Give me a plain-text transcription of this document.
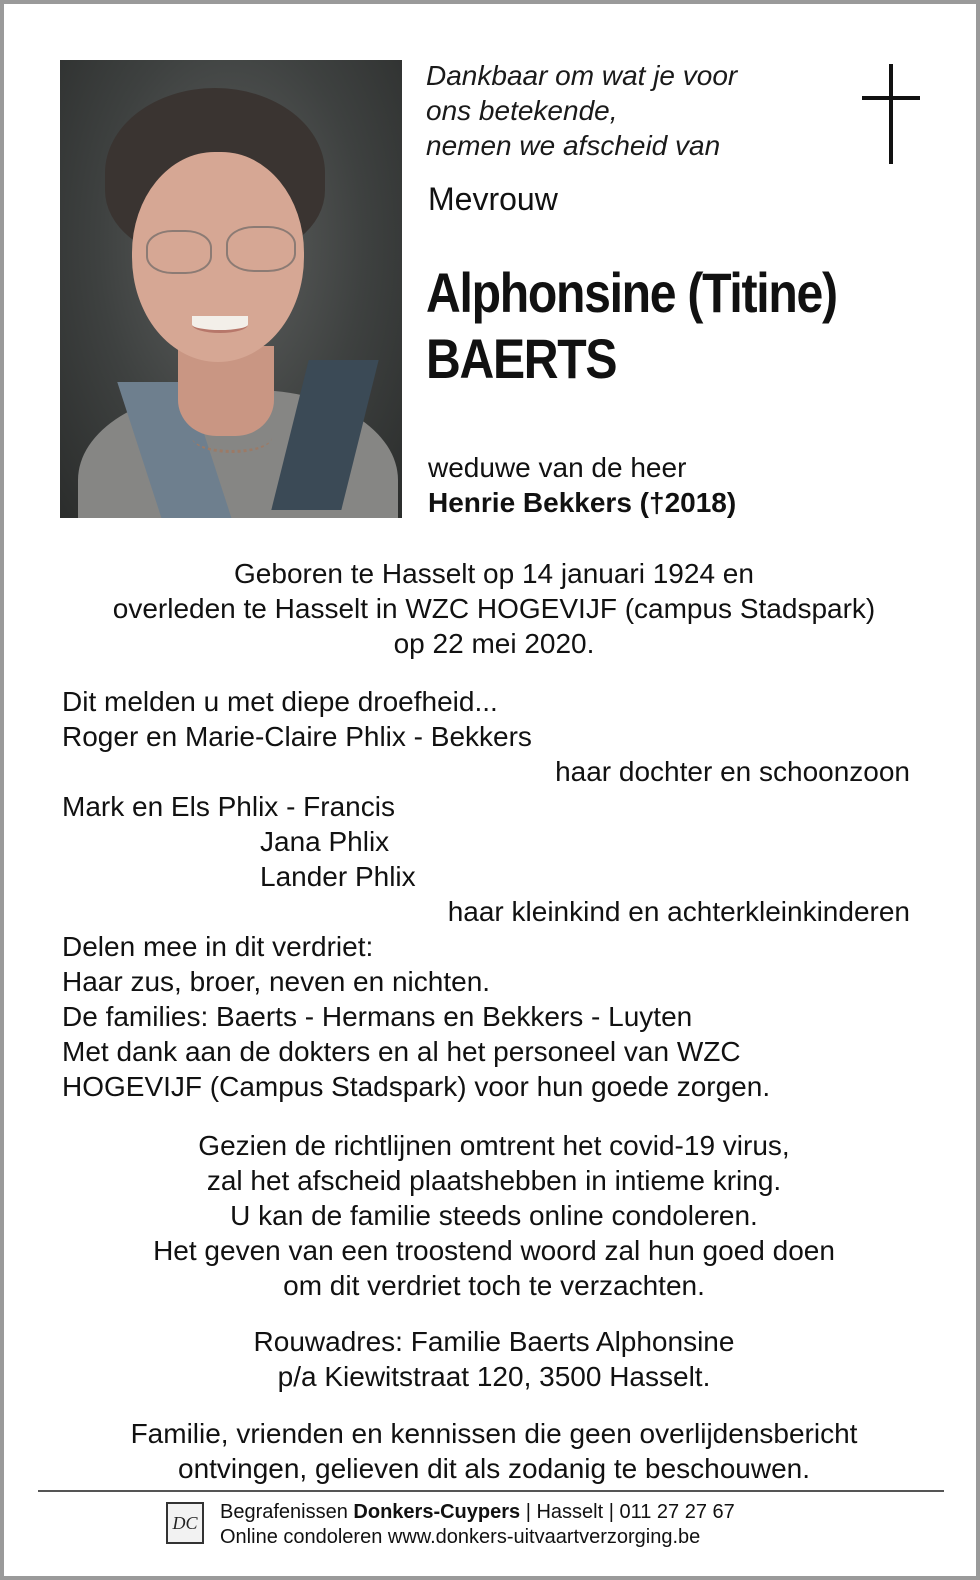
Dankbaar om wat je voor
ons betekende,
nemen we afscheid van

Mevrouw
Alphonsine (Titine)
BAERTS
weduwe van de heer
Henrie Bekkers (†2018)
Geboren te Hasselt op 14 januari 1924 en
overleden te Hasselt in WZC HOGEVIJF (campus Stadspark)
op 22 mei 2020.
Dit melden u met diepe droefheid...
Roger en Marie-Claire Phlix - Bekkers
haar dochter en schoonzoon
Mark en Els Phlix - Francis
Jana Phlix
Lander Phlix
haar kleinkind en achterkleinkinderen
Delen mee in dit verdriet:
Haar zus, broer, neven en nichten.
De families: Baerts - Hermans en Bekkers - Luyten
Met dank aan de dokters en al het personeel van WZC
HOGEVIJF (Campus Stadspark) voor hun goede zorgen.
Gezien de richtlijnen omtrent het covid-19 virus,
zal het afscheid plaatshebben in intieme kring.
U kan de familie steeds online condoleren.
Het geven van een troostend woord zal hun goed doen
om dit verdriet toch te verzachten.
Rouwadres: Familie Baerts Alphonsine
p/a Kiewitstraat 120, 3500 Hasselt.
Familie, vrienden en kennissen die geen overlijdensbericht
ontvingen, gelieven dit als zodanig te beschouwen.
DC	Begrafenissen Donkers-Cuypers | Hasselt | 011 27 27 67
Online condoleren www.donkers-uitvaartverzorging.be
